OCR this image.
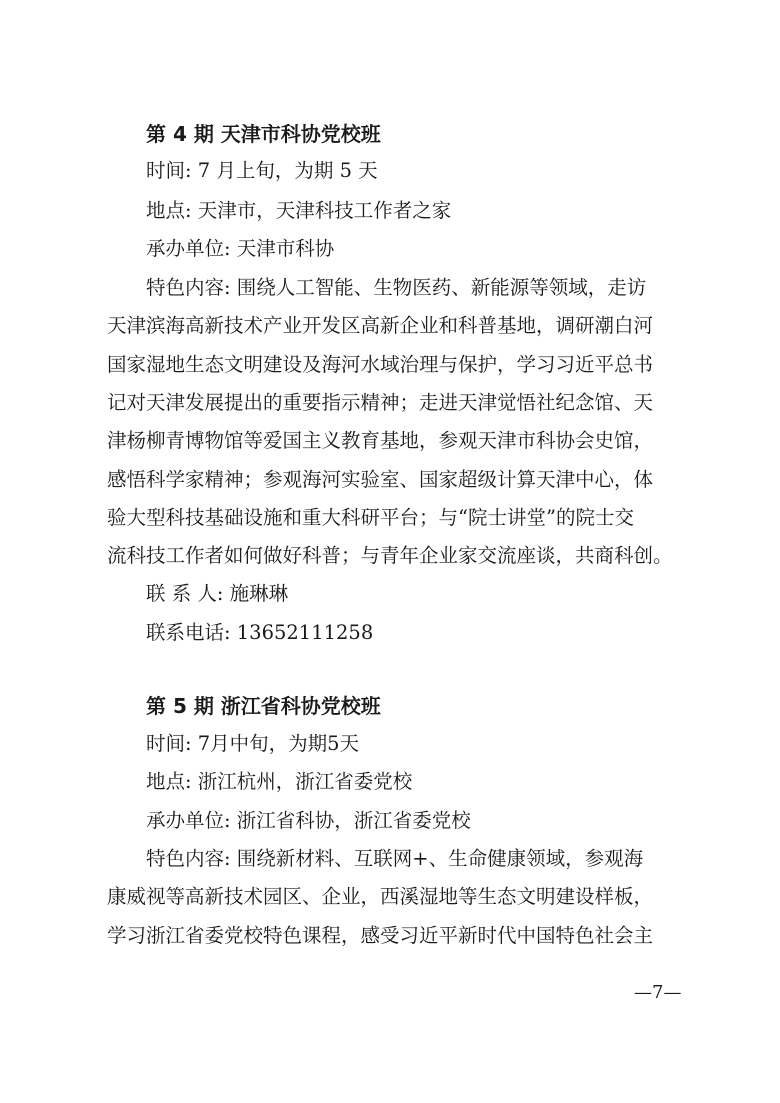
第 4 期 天津市科协党校班
时间: 7 月上旬，为期 5 天
地点: 天津市，天津科技工作者之家
承办单位: 天津市科协
特色内容: 围绕人工智能、生物医药、新能源等领域，走访
天津滨海高新技术产业开发区高新企业和科普基地，调研潮白河
国家湿地生态文明建设及海河水域治理与保护，学习习近平总书
记对天津发展提出的重要指示精神；走进天津觉悟社纪念馆、天
津杨柳青博物馆等爱国主义教育基地，参观天津市科协会史馆，
感悟科学家精神；参观海河实验室、国家超级计算天津中心，体
验大型科技基础设施和重大科研平台；与“院士讲堂”的院士交
流科技工作者如何做好科普；与青年企业家交流座谈，共商科创。
联 系 人: 施琳琳
联系电话: 13652111258
第 5 期 浙江省科协党校班
时间: 7月中旬，为期5天
地点: 浙江杭州，浙江省委党校
承办单位: 浙江省科协，浙江省委党校
特色内容: 围绕新材料、互联网+、生命健康领域，参观海
康威视等高新技术园区、企业，西溪湿地等生态文明建设样板，
学习浙江省委党校特色课程，感受习近平新时代中国特色社会主
—7—
